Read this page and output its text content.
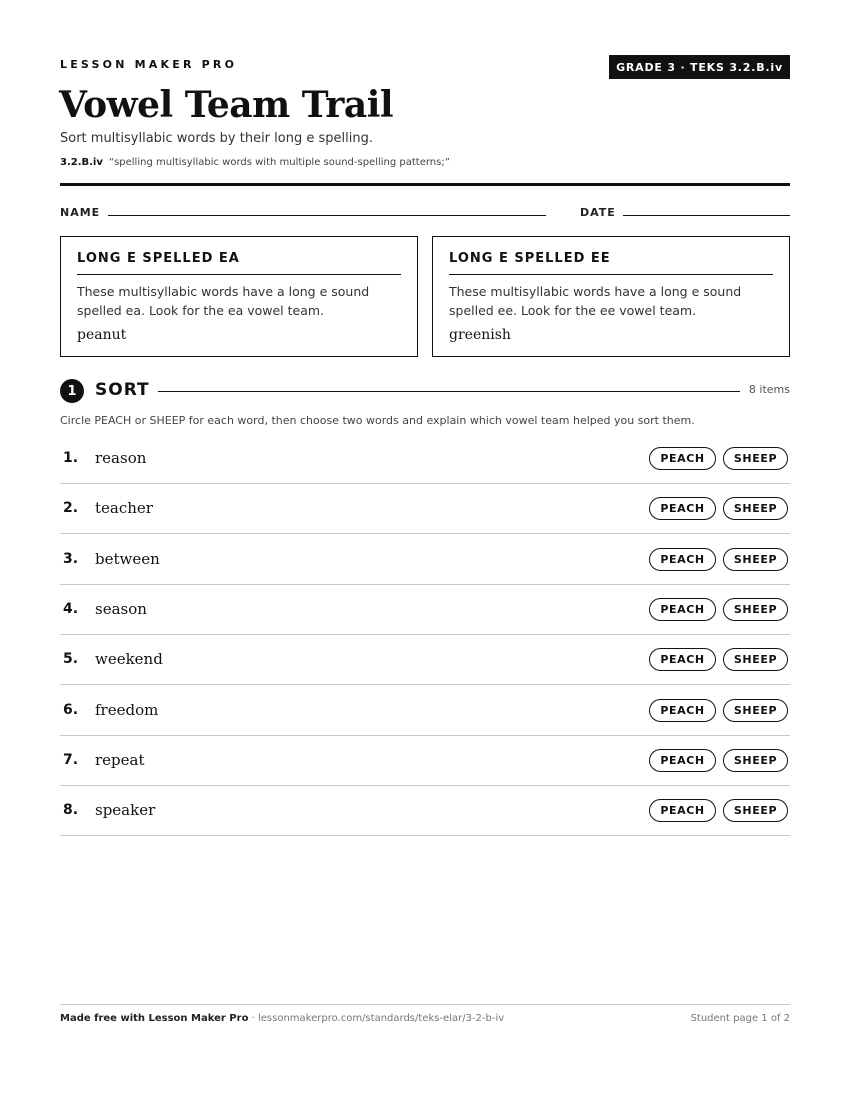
LESSON MAKER PRO	GRADE 3 · TEKS 3.2.B.iv
Vowel Team Trail
Sort multisyllabic words by their long e spelling.
3.2.B.iv “spelling multisyllabic words with multiple sound-spelling patterns;”
NAME	DATE
LONG E SPELLED EA
These multisyllabic words have a long e sound spelled ea. Look for the ea vowel team.
peanut
LONG E SPELLED EE
These multisyllabic words have a long e sound spelled ee. Look for the ee vowel team.
greenish
1	SORT	8 items
Circle PEACH or SHEEP for each word, then choose two words and explain which vowel team helped you sort them.
1. reason	PEACH	SHEEP
2. teacher	PEACH	SHEEP
3. between	PEACH	SHEEP
4. season	PEACH	SHEEP
5. weekend	PEACH	SHEEP
6. freedom	PEACH	SHEEP
7. repeat	PEACH	SHEEP
8. speaker	PEACH	SHEEP
Made free with Lesson Maker Pro · lessonmakerpro.com/standards/teks-elar/3-2-b-iv	Student page 1 of 2
